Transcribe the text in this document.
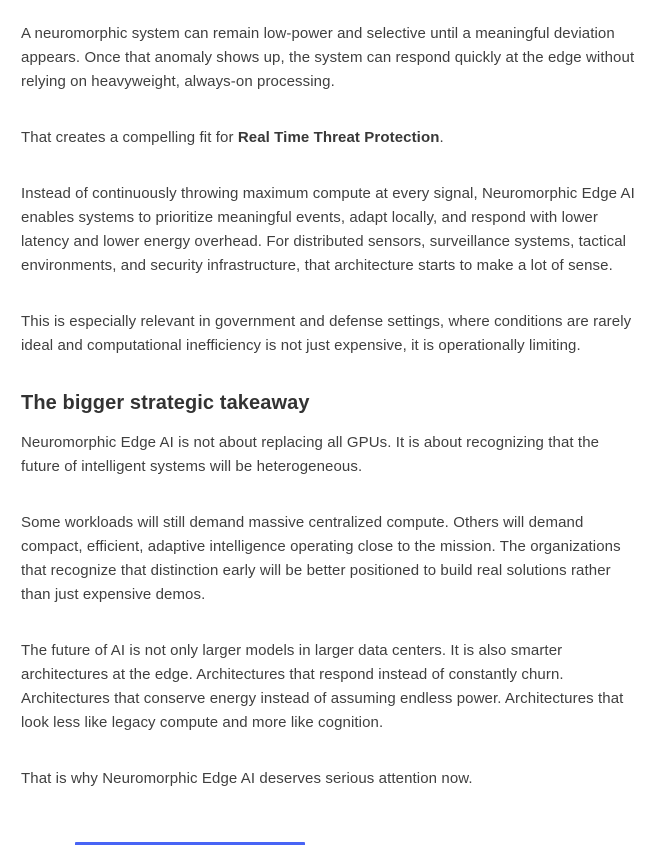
A neuromorphic system can remain low-power and selective until a meaningful deviation appears. Once that anomaly shows up, the system can respond quickly at the edge without relying on heavyweight, always-on processing.

That creates a compelling fit for Real Time Threat Protection.

Instead of continuously throwing maximum compute at every signal, Neuromorphic Edge AI enables systems to prioritize meaningful events, adapt locally, and respond with lower latency and lower energy overhead. For distributed sensors, surveillance systems, tactical environments, and security infrastructure, that architecture starts to make a lot of sense.

This is especially relevant in government and defense settings, where conditions are rarely ideal and computational inefficiency is not just expensive, it is operationally limiting.

The bigger strategic takeaway

Neuromorphic Edge AI is not about replacing all GPUs. It is about recognizing that the future of intelligent systems will be heterogeneous.

Some workloads will still demand massive centralized compute. Others will demand compact, efficient, adaptive intelligence operating close to the mission. The organizations that recognize that distinction early will be better positioned to build real solutions rather than just expensive demos.

The future of AI is not only larger models in larger data centers. It is also smarter architectures at the edge. Architectures that respond instead of constantly churn. Architectures that conserve energy instead of assuming endless power. Architectures that look less like legacy compute and more like cognition.

That is why Neuromorphic Edge AI deserves serious attention now.
